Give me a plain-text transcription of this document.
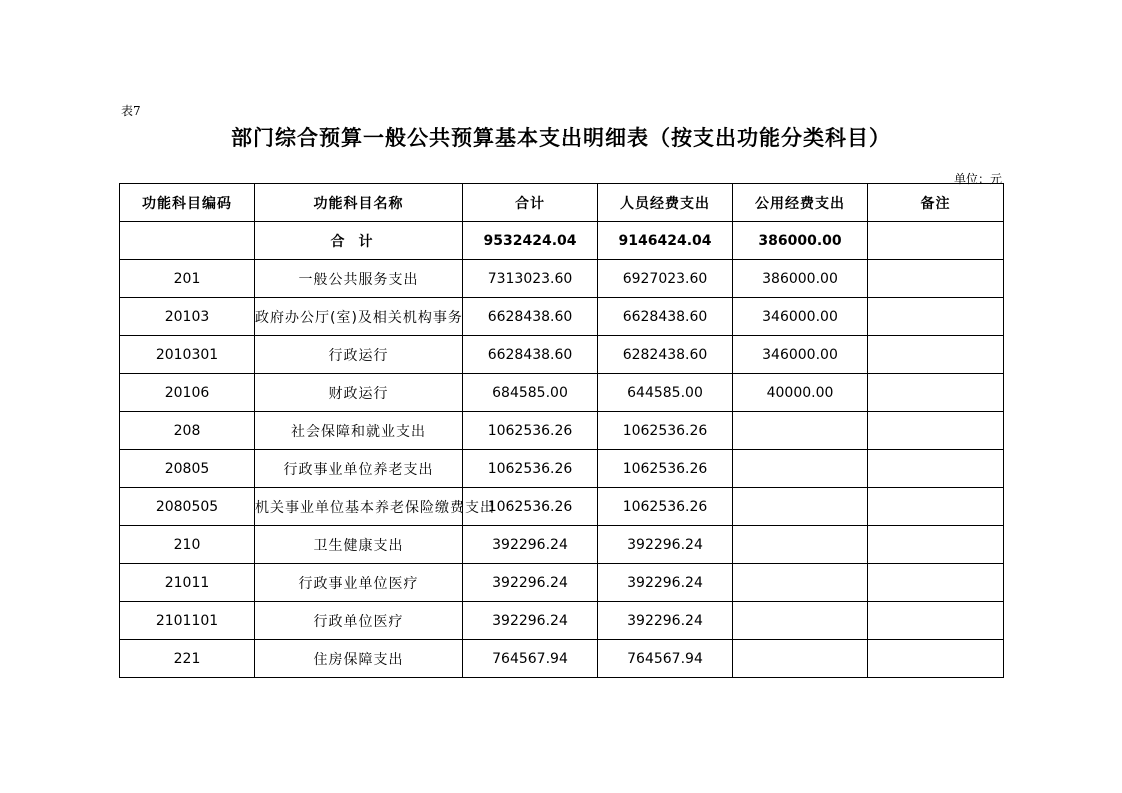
表7
部门综合预算一般公共预算基本支出明细表（按支出功能分类科目）
单位：元
功能科目编码	功能科目名称	合计	人员经费支出	公用经费支出	备注
	合计	9532424.04	9146424.04	386000.00	
201	一般公共服务支出	7313023.60	6927023.60	386000.00	
20103	政府办公厅(室)及相关机构事务	6628438.60	6628438.60	346000.00	
2010301	行政运行	6628438.60	6282438.60	346000.00	
20106	财政运行	684585.00	644585.00	40000.00	
208	社会保障和就业支出	1062536.26	1062536.26		
20805	行政事业单位养老支出	1062536.26	1062536.26		
2080505	机关事业单位基本养老保险缴费支出	1062536.26	1062536.26		
210	卫生健康支出	392296.24	392296.24		
21011	行政事业单位医疗	392296.24	392296.24		
2101101	行政单位医疗	392296.24	392296.24		
221	住房保障支出	764567.94	764567.94		
